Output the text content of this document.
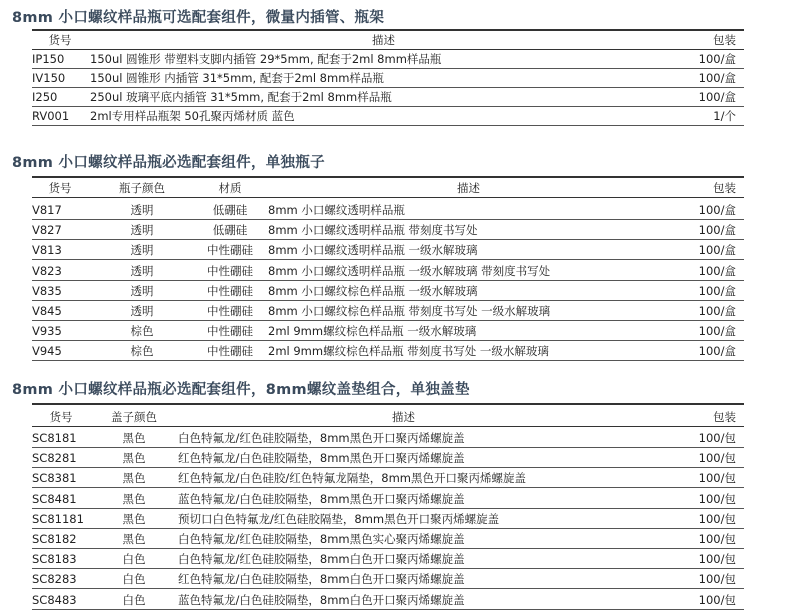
8mm 小口螺纹样品瓶可选配套组件，微量内插管、瓶架
货号	描述	包装
IP150 150ul 圆锥形 带塑料支脚内插管 29*5mm, 配套于2ml 8mm样品瓶	100/盒
IV150 150ul 圆锥形 内插管 31*5mm, 配套于2ml 8mm样品瓶	100/盒
I250	250ul 玻璃平底内插管 31*5mm, 配套于2ml 8mm样品瓶	100/盒
RV001 2ml专用样品瓶架 50孔聚丙烯材质 蓝色	1/个
8mm 小口螺纹样品瓶必选配套组件，单独瓶子
货号	瓶子颜色	材质	描述	包装
V817	透明	低硼硅	8mm 小口螺纹透明样品瓶	100/盒
V827	透明	低硼硅	8mm 小口螺纹透明样品瓶 带刻度书写处	100/盒
V813	透明	中性硼硅	8mm 小口螺纹透明样品瓶 一级水解玻璃	100/盒
V823	透明	中性硼硅	8mm 小口螺纹透明样品瓶 一级水解玻璃 带刻度书写处	100/盒
V835	透明	中性硼硅	8mm 小口螺纹棕色样品瓶 一级水解玻璃	100/盒
V845	透明	中性硼硅	8mm 小口螺纹棕色样品瓶 带刻度书写处 一级水解玻璃	100/盒
V935	棕色	中性硼硅	2ml 9mm螺纹棕色样品瓶 一级水解玻璃	100/盒
V945	棕色	中性硼硅	2ml 9mm螺纹棕色样品瓶 带刻度书写处 一级水解玻璃	100/盒
8mm 小口螺纹样品瓶必选配套组件，8mm螺纹盖垫组合，单独盖垫
货号	盖子颜色	描述	包装
SC8181	黑色	白色特氟龙/红色硅胶隔垫，8mm黑色开口聚丙烯螺旋盖	100/包
SC8281	黑色	红色特氟龙/白色硅胶隔垫，8mm黑色开口聚丙烯螺旋盖	100/包
SC8381	黑色	红色特氟龙/白色硅胶/红色特氟龙隔垫，8mm黑色开口聚丙烯螺旋盖	100/包
SC8481	黑色	蓝色特氟龙/白色硅胶隔垫，8mm黑色开口聚丙烯螺旋盖	100/包
SC81181	黑色	预切口白色特氟龙/红色硅胶隔垫，8mm黑色开口聚丙烯螺旋盖	100/包
SC8182	黑色	白色特氟龙/红色硅胶隔垫，8mm黑色实心聚丙烯螺旋盖	100/包
SC8183	白色	白色特氟龙/红色硅胶隔垫，8mm白色开口聚丙烯螺旋盖	100/包
SC8283	白色	红色特氟龙/白色硅胶隔垫，8mm白色开口聚丙烯螺旋盖	100/包
SC8483	白色	蓝色特氟龙/白色硅胶隔垫，8mm白色开口聚丙烯螺旋盖	100/包
